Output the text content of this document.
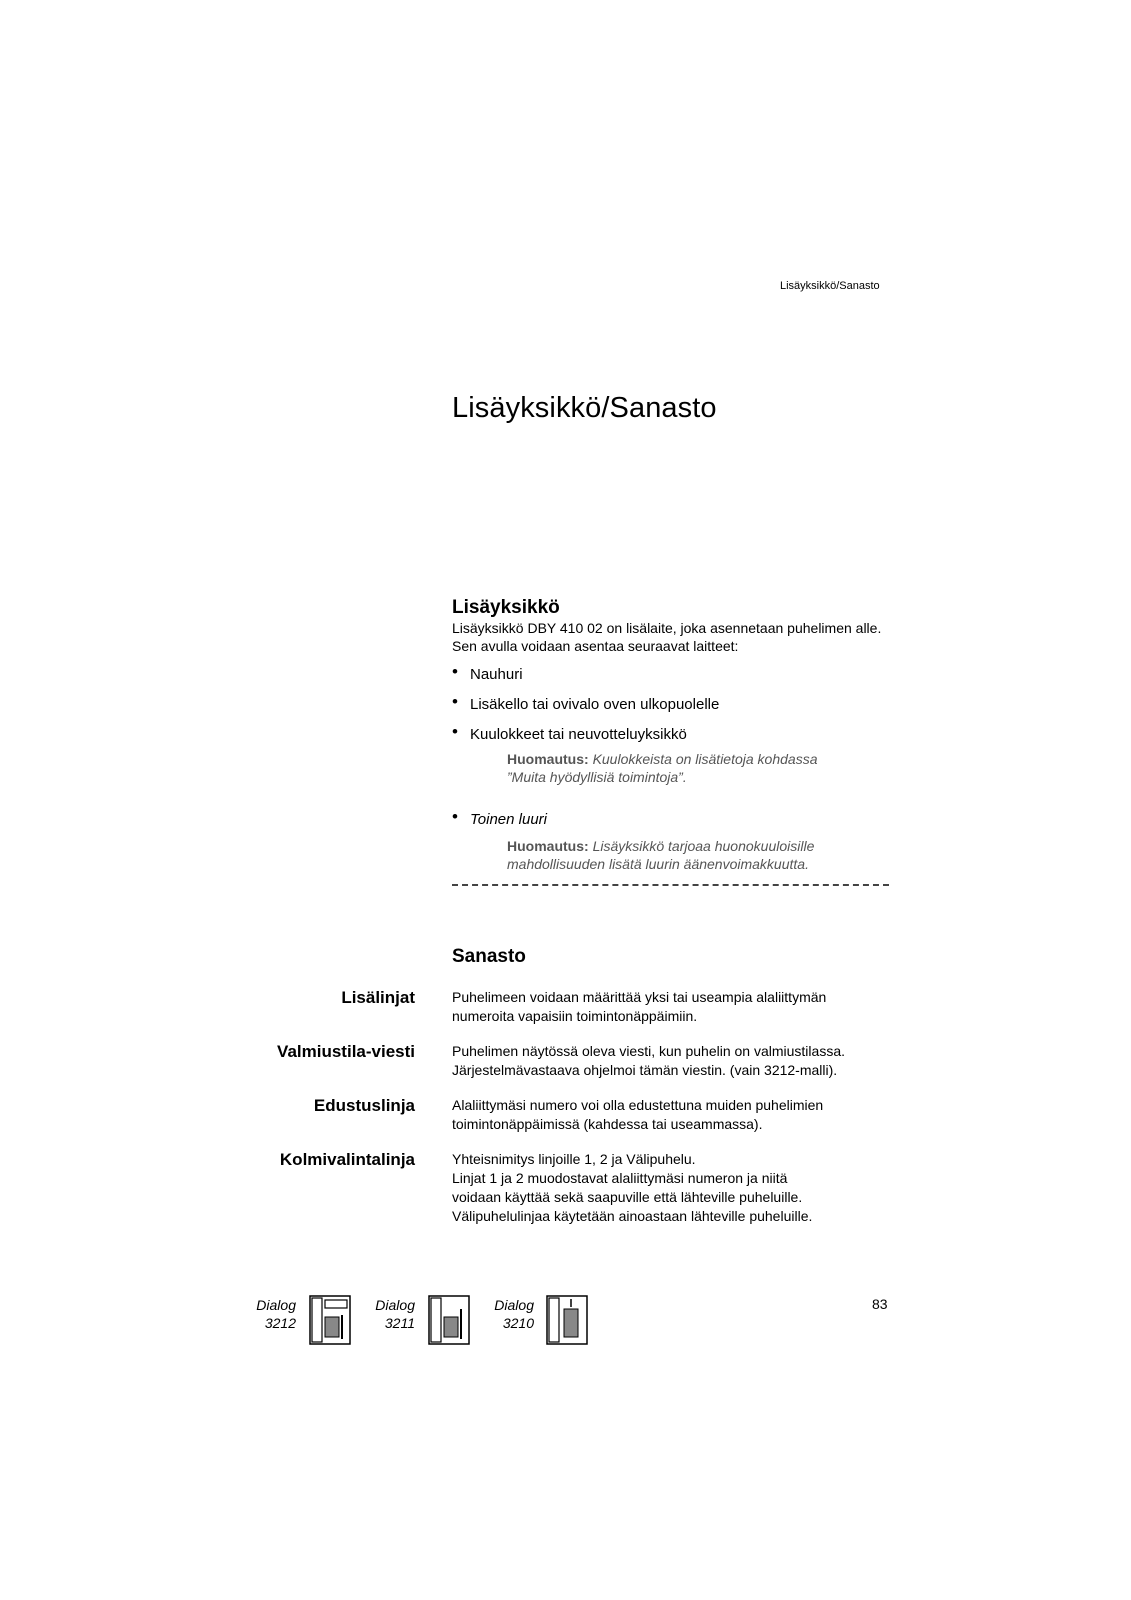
Lisäyksikkö/Sanasto
Lisäyksikkö/Sanasto
Lisäyksikkö
Lisäyksikkö DBY 410 02 on lisälaite, joka asennetaan puhelimen alle.
Sen avulla voidaan asentaa seuraavat laitteet:
• Nauhuri
• Lisäkello tai ovivalo oven ulkopuolelle
• Kuulokkeet tai neuvotteluyksikkö
Huomautus: Kuulokkeista on lisätietoja kohdassa
”Muita hyödyllisiä toimintoja”.
• Toinen luuri
Huomautus: Lisäyksikkö tarjoaa huonokuuloisille
mahdollisuuden lisätä luurin äänenvoimakkuutta.
Sanasto
Lisälinjat	Puhelimeen voidaan määrittää yksi tai useampia alaliittymän
numeroita vapaisiin toimintonäppäimiin.
Valmiustila-viesti	Puhelimen näytössä oleva viesti, kun puhelin on valmiustilassa.
Järjestelmävastaava ohjelmoi tämän viestin. (vain 3212-malli).
Edustuslinja	Alaliittymäsi numero voi olla edustettuna muiden puhelimien
toimintonäppäimissä (kahdessa tai useammassa).
Kolmivalintalinja	Yhteisnimitys linjoille 1, 2 ja Välipuhelu.
Linjat 1 ja 2 muodostavat alaliittymäsi numeron ja niitä
voidaan käyttää sekä saapuville että lähteville puheluille.
Välipuhelulinjaa käytetään ainoastaan lähteville puheluille.
Dialog
3212
Dialog
3211
Dialog
3210
83
